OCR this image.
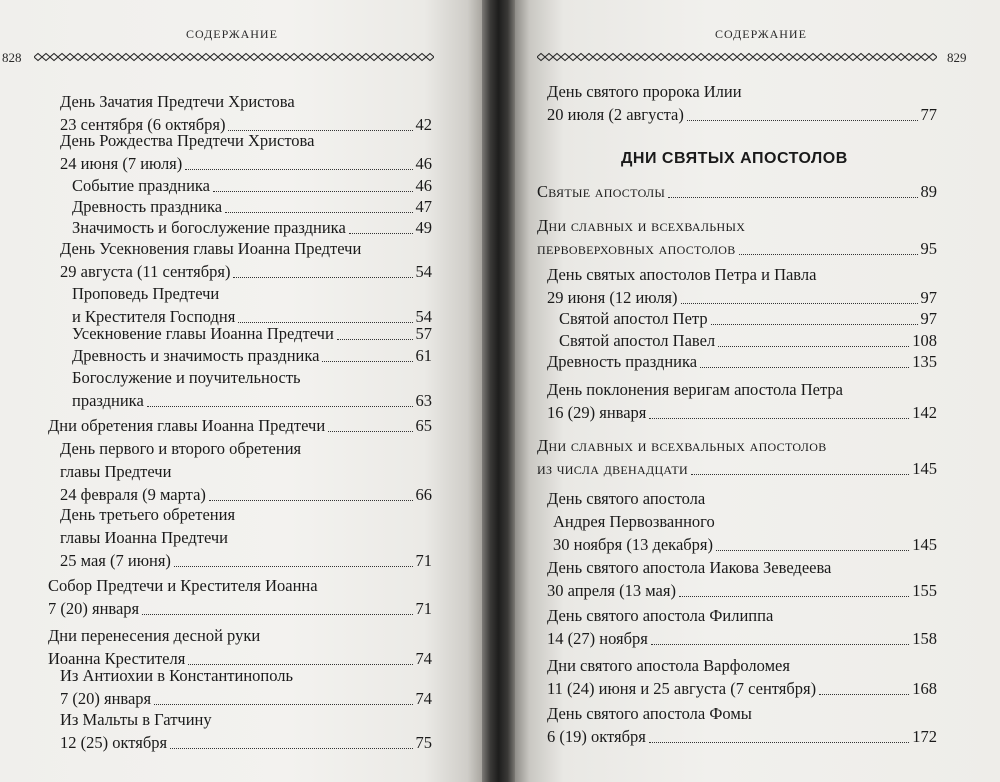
СОДЕРЖАНИЕ
828
День Зачатия Предтечи Христова
23 сентября (6 октября)	42
День Рождества Предтечи Христова
24 июня (7 июля)	46
Событие праздника	46
Древность праздника	47
Значимость и богослужение праздника	49
День Усекновения главы Иоанна Предтечи
29 августа (11 сентября)	54
Проповедь Предтечи
и Крестителя Господня	54
Усекновение главы Иоанна Предтечи	57
Древность и значимость праздника	61
Богослужение и поучительность
праздника	63
Дни обретения главы Иоанна Предтечи	65
День первого и второго обретения
главы Предтечи
24 февраля (9 марта)	66
День третьего обретения
главы Иоанна Предтечи
25 мая (7 июня)	71
Собор Предтечи и Крестителя Иоанна
7 (20) января	71
Дни перенесения десной руки
Иоанна Крестителя	74
Из Антиохии в Константинополь
7 (20) января	74
Из Мальты в Гатчину
12 (25) октября	75
СОДЕРЖАНИЕ
829
День святого пророка Илии
20 июля (2 августа)	77
ДНИ СВЯТЫХ АПОСТОЛОВ
Святые апостолы	89
Дни славных и всехвальных
первоверховных апостолов	95
День святых апостолов Петра и Павла
29 июня (12 июля)	97
Святой апостол Петр	97
Святой апостол Павел	108
Древность праздника	135
День поклонения веригам апостола Петра
16 (29) января	142
Дни славных и всехвальных апостолов
из числа двенадцати	145
День святого апостола
Андрея Первозванного
30 ноября (13 декабря)	145
День святого апостола Иакова Зеведеева
30 апреля (13 мая)	155
День святого апостола Филиппа
14 (27) ноября	158
Дни святого апостола Варфоломея
11 (24) июня и 25 августа (7 сентября)	168
День святого апостола Фомы
6 (19) октября	172
